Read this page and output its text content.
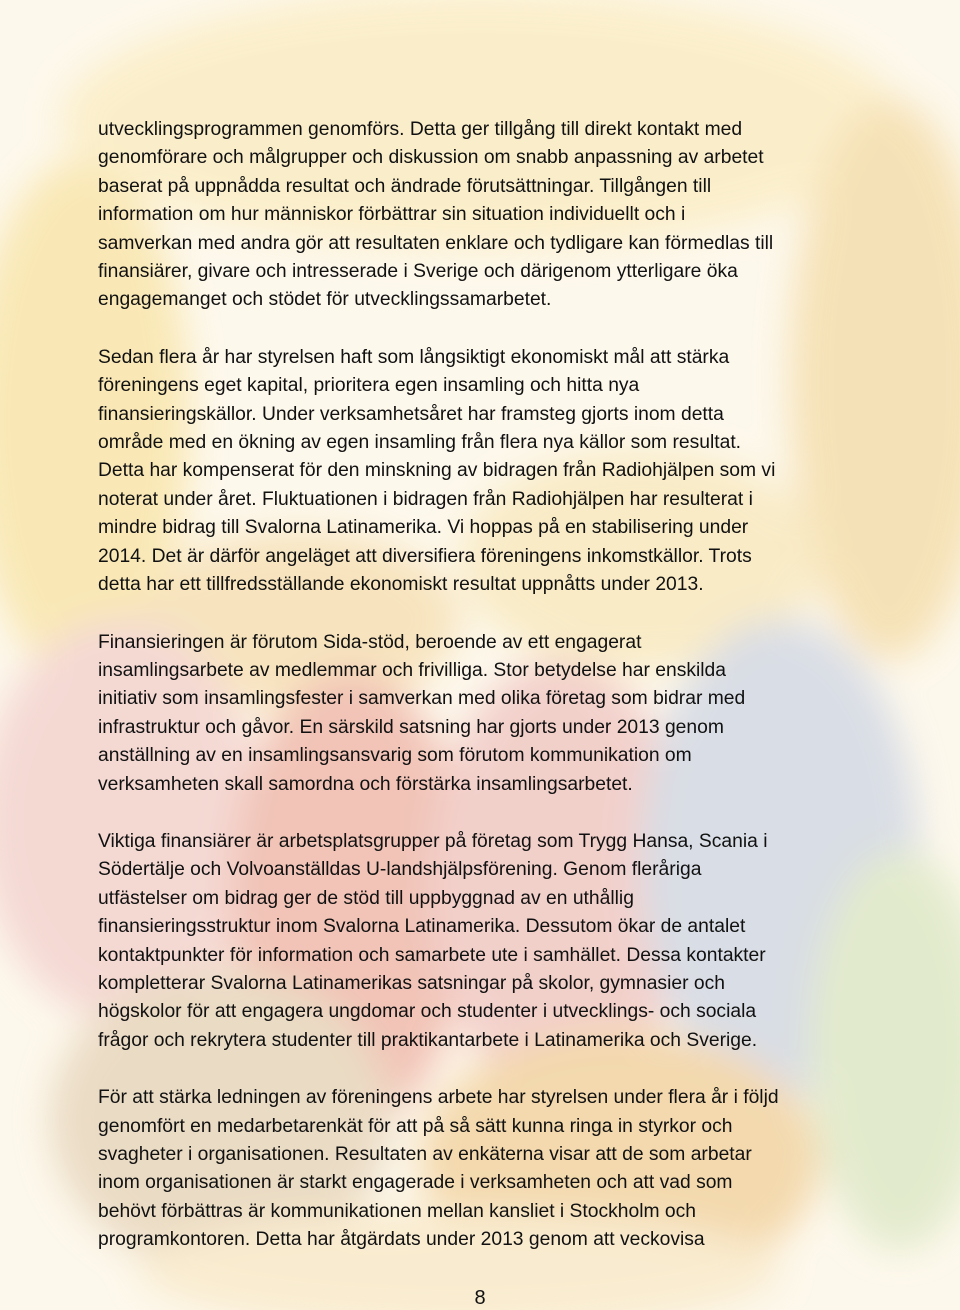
utvecklingsprogrammen genomförs. Detta ger tillgång till direkt kontakt med
genomförare och målgrupper och diskussion om snabb anpassning av arbetet
baserat på uppnådda resultat och ändrade förutsättningar. Tillgången till
information om hur människor förbättrar sin situation individuellt och i
samverkan med andra gör att resultaten enklare och tydligare kan förmedlas till
finansiärer, givare och intresserade i Sverige och därigenom ytterligare öka
engagemanget och stödet för utvecklingssamarbetet.

Sedan flera år har styrelsen haft som långsiktigt ekonomiskt mål att stärka
föreningens eget kapital, prioritera egen insamling och hitta nya
finansieringskällor. Under verksamhetsåret har framsteg gjorts inom detta
område med en ökning av egen insamling från flera nya källor som resultat.
Detta har kompenserat för den minskning av bidragen från Radiohjälpen som vi
noterat under året. Fluktuationen i bidragen från Radiohjälpen har resulterat i
mindre bidrag till Svalorna Latinamerika. Vi hoppas på en stabilisering under
2014. Det är därför angeläget att diversifiera föreningens inkomstkällor. Trots
detta har ett tillfredsställande ekonomiskt resultat uppnåtts under 2013.

Finansieringen är förutom Sida-stöd, beroende av ett engagerat
insamlingsarbete av medlemmar och frivilliga. Stor betydelse har enskilda
initiativ som insamlingsfester i samverkan med olika företag som bidrar med
infrastruktur och gåvor. En särskild satsning har gjorts under 2013 genom
anställning av en insamlingsansvarig som förutom kommunikation om
verksamheten skall samordna och förstärka insamlingsarbetet.

Viktiga finansiärer är arbetsplatsgrupper på företag som Trygg Hansa, Scania i
Södertälje och Volvoanställdas U-landshjälpsförening. Genom fleråriga
utfästelser om bidrag ger de stöd till uppbyggnad av en uthållig
finansieringsstruktur inom Svalorna Latinamerika. Dessutom ökar de antalet
kontaktpunkter för information och samarbete ute i samhället. Dessa kontakter
kompletterar Svalorna Latinamerikas satsningar på skolor, gymnasier och
högskolor för att engagera ungdomar och studenter i utvecklings- och sociala
frågor och rekrytera studenter till praktikantarbete i Latinamerika och Sverige.

För att stärka ledningen av föreningens arbete har styrelsen under flera år i följd
genomfört en medarbetarenkät för att på så sätt kunna ringa in styrkor och
svagheter i organisationen. Resultaten av enkäterna visar att de som arbetar
inom organisationen är starkt engagerade i verksamheten och att vad som
behövt förbättras är kommunikationen mellan kansliet i Stockholm och
programkontoren. Detta har åtgärdats under 2013 genom att veckovisa

8
